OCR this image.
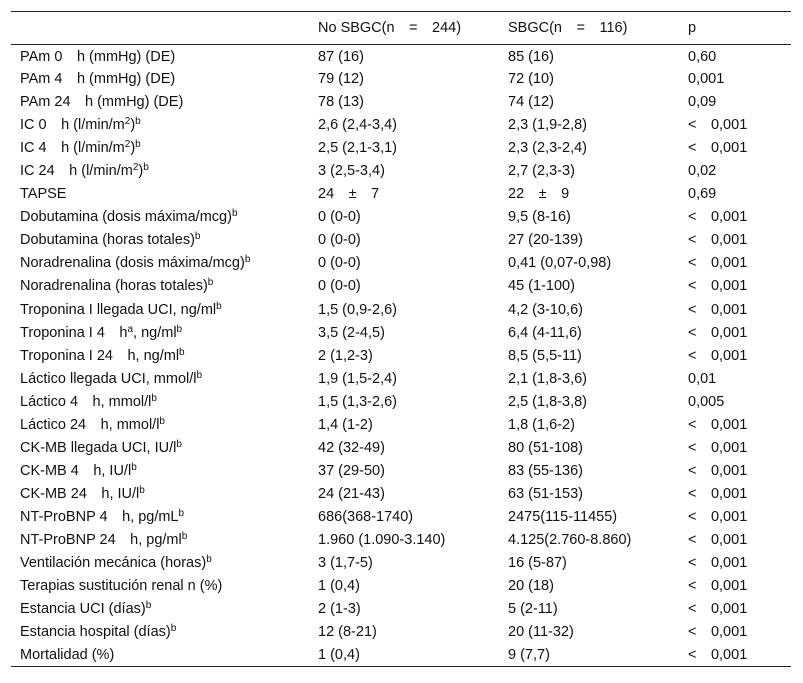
	No SBGC(n = 244)	SBGC(n = 116)	p
PAm 0 h (mmHg) (DE)	87 (16)	85 (16)	0,60
PAm 4 h (mmHg) (DE)	79 (12)	72 (10)	0,001
PAm 24 h (mmHg) (DE)	78 (13)	74 (12)	0,09
IC 0 h $(l/\min/m^2)^b$	2,6 (2,4-3,4)	2,3 (1,9-2,8)	< 0,001
IC 4 h $(l/\min/m^2)^b$	2,5 (2,1-3,1)	2,3 (2,3-2,4)	< 0,001
IC 24 h $(l/\min/m^2)^b$	3 (2,5-3,4)	2,7 (2,3-3)	0,02
TAPSE	24 ± 7	22 ± 9	0,69
Dobutamina (dosis máxima/mcg)$^b$	0 (0-0)	9,5 (8-16)	< 0,001
Dobutamina (horas totales)$^b$	0 (0-0)	27 (20-139)	< 0,001
Noradrenalina (dosis máxima/mcg)$^b$	0 (0-0)	0,41 (0,07-0,98)	< 0,001
Noradrenalina (horas totales)$^b$	0 (0-0)	45 (1-100)	< 0,001
Troponina I llegada UCI, $ng/ml^b$	1,5 (0,9-2,6)	4,2 (3-10,6)	< 0,001
Troponina I 4 $h^a$, $ng/ml^b$	3,5 (2-4,5)	6,4 (4-11,6)	< 0,001
Troponina I 24 h, $ng/ml^b$	2 (1,2-3)	8,5 (5,5-11)	< 0,001
Láctico llegada UCI, mmol/$l^b$	1,9 (1,5-2,4)	2,1 (1,8-3,6)	0,01
Láctico 4 h, mmol/$l^b$	1,5 (1,3-2,6)	2,5 (1,8-3,8)	0,005
Láctico 24 h, mmol/$l^b$	1,4 (1-2)	1,8 (1,6-2)	< 0,001
CK-MB llegada UCI, $IU/l^b$	42 (32-49)	80 (51-108)	< 0,001
CK-MB 4 h, $IU/l^b$	37 (29-50)	83 (55-136)	< 0,001
CK-MB 24 h, $IU/l^b$	24 (21-43)	63 (51-153)	< 0,001
NT-ProBNP 4 h, $pg/mL^b$	686(368-1740)	2475(115-11455)	< 0,001
NT-ProBNP 24 h, $pg/ml^b$	1.960 (1.090-3.140)	4.125(2.760-8.860)	< 0,001
Ventilación mecánica (horas)$^b$	3 (1,7-5)	16 (5-87)	< 0,001
Terapias sustitución renal n (%)	1 (0,4)	20 (18)	< 0,001
Estancia UCI (días)$^b$	2 (1-3)	5 (2-11)	< 0,001
Estancia hospital (días)$^b$	12 (8-21)	20 (11-32)	< 0,001
Mortalidad (%)	1 (0,4)	9 (7,7)	< 0,001
